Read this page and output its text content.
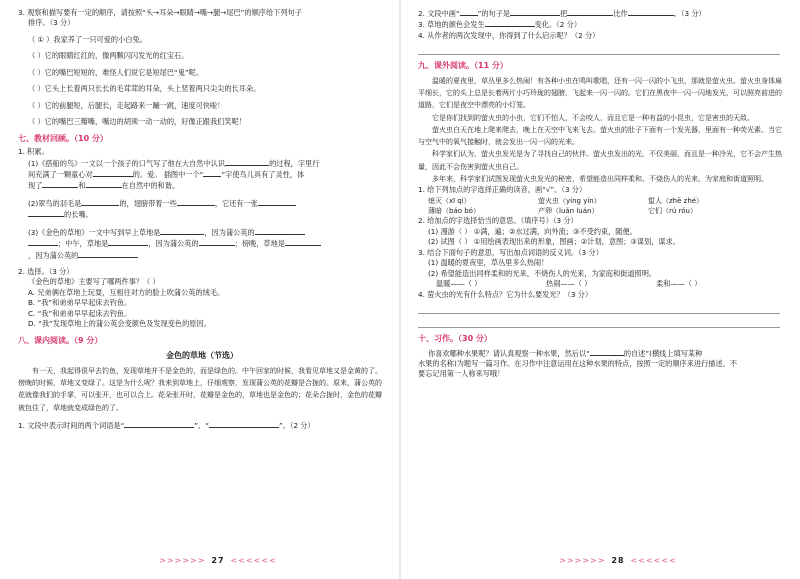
3. 观察和描写要有一定的顺序，请按照“头→耳朵→眼睛→嘴→腿→尾巴”的顺序给下列句子
排序。（3 分）
（ ① ）我家养了一只可爱的小白兔。
（ ）它的眼睛红红的，像两颗闪闪发光的红宝石。
（ ）它的嘴巴短短的，难怪人们说它是短尾巴“鬼”呢。
（ ）它头上长着两只长长的毛茸茸的耳朵，头上竖着两只尖尖的长耳朵。
（ ）它的前腿短，后腿长，走起路来一蹦一跳，速度可快啦！
（ ）它的嘴巴三瓣嘴，嘴边的胡须一动一动的，好像正跟我们笑呢！
七、教材回顾。（10 分）
1. 积累。
(1)《搭船的鸟》一文以一个孩子的口气写了他在大自然中认识	的过程，字里行
间充满了一颗童心对	的。爱。 插图中一个“	”字使鸟儿具有了灵性，体
现了	和	在自然中的和谐。
(2)翠鸟的羽毛是	的，翅膀带着一些	，它还有一张
的长嘴。
(3)《金色的草地》一文中写到早上草地是	，因为蒲公英的
；中午，草地是	，因为蒲公英的	；傍晚，草地是
，因为蒲公英的
2. 选择。（3 分）
《金色的草地》主要写了哪两件事？（ ）
A. 兄弟俩在草地上玩耍，互相往对方的脸上吹蒲公英的绒毛。
B. “我”和弟弟早早起床去钓鱼。
C. “我”和弟弟早早起床去钓鱼。
D. “我”发现草地上的蒲公英会变颜色及发现变色的原因。
八、课内阅读。（9 分）
金色的草地（节选）
有一天，我起得很早去钓鱼，发现草地并不是金色的，而是绿色的。中午回家的时候，我看见草地又是金黄的了。傍晚的时候，草地又变绿了。这是为什么呢？我来到草地上，仔细观察，发现蒲公英的花瓣是合拢的。原来，蒲公英的花就像我们的手掌，可以张开，也可以合上。花朵张开时，花瓣是金色的，草地也是金色的；花朵合拢时，金色的花瓣被包住了，草地就变成绿色的了。
1. 文段中表示时间的两个词语是“	”、“	”。（2 分）
>>>>>> 27 <<<<<<
2. 文段中画“	”的句子是	把	比作	。（3 分）
3. 草地的颜色会发生	变化。（2 分）
4. 从作者的两次发现中，你得到了什么启示呢？（2 分）
九、课外阅读。（11 分）
温暖的夏夜里，草丛里多么热闹！有各种小虫在鸣叫歌唱，还有一闪一闪的小飞虫，那就是萤火虫。萤火虫身体扁平细长，它的头上总是长着两片小巧玲珑的翅膀，飞起来一闪一闪的。它们在黑夜中一闪一闪地发光，可以照亮前进的道路，它们是夜空中漂亮的小灯笼。
它是你们找到的萤火虫的小虫，它们不怕人，不会咬人，而且它是一种有益的小昆虫，它是害虫的天敌。
萤火虫白天在地上爬来爬去，晚上在天空中飞来飞去。萤火虫的肚子下面有一个发光器，里面有一种荧光素。当它与空气中的氧气接触时，就会发出一闪一闪的光来。
科学家们认为，萤火虫发光是为了寻找自己的伙伴。萤火虫发出的光，不仅美丽，而且是一种冷光，它不会产生热量，因此不会伤害到萤火虫自己。
多年来，科学家们试图发现萤火虫发光的秘密，希望能造出同样柔和、不烧伤人的光来，为家庭和街道照明。
1. 给下列加点的字选择正确的读音，画“√”。（3 分）
熄灭（xī qì）	萤火虫（yíng yín）	蜇人（zhē zhé）
薄暗（báo bó）	产卵（luǎn luán）	它们（rú róu）
2. 给加点的字选择恰当的意思。（填序号）（3 分）
(1) 漫游（ ） ①满，遍；②水过满，向外流；③不受约束，随便。
(2) 试图（ ） ①用绘画表现出来的形象，图画；②计划，意图；③谋划，谋求。
3. 结合下面句子的意思，写出加点词语的反义词。（3 分）
(1) 温暖的夏夜里，草丛里多么热闹！
(2) 希望能造出同样柔和的光来，不烧伤人的光来，为家庭和街道照明。
温暖——（ ）	热闹——（ ）	柔和——（ ）
4. 萤火虫的光有什么特点？它为什么要发光？（3 分）
十、习作。（30 分）
你喜欢哪种水果呢？请认真观察一种水果，然后以“	的自述”(横线上填写某种
水果的名称)为题写一篇习作。在习作中注意运用在这种水果的特点，按照一定的顺序来进行描述。不
要忘记用第一人称来写哦！
>>>>>> 28 <<<<<<
